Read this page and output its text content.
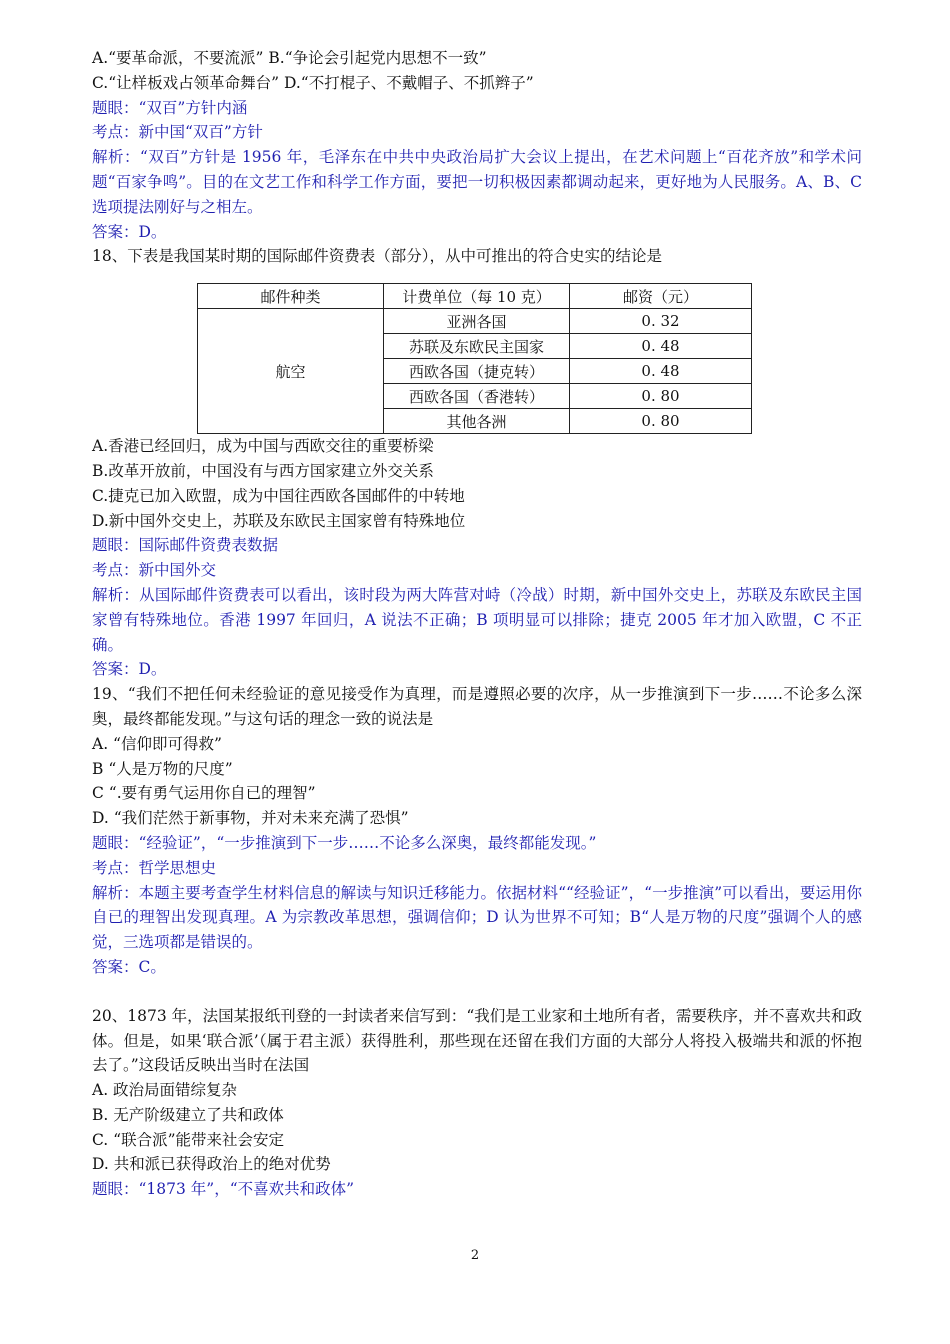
A.“要革命派，不要流派” B.“争论会引起党内思想不一致”
C.“让样板戏占领革命舞台” D.“不打棍子、不戴帽子、不抓辫子”
题眼：“双百”方针内涵
考点：新中国“双百”方针
解析：“双百”方针是 1956 年，毛泽东在中共中央政治局扩大会议上提出，在艺术问题上“百花齐放”和学术问题“百家争鸣”。目的在文艺工作和科学工作方面，要把一切积极因素都调动起来，更好地为人民服务。A、B、C 选项提法刚好与之相左。
答案：D。
18、下表是我国某时期的国际邮件资费表（部分），从中可推出的符合史实的结论是
邮件种类	计费单位（每 10 克）	邮资（元）
航空	亚洲各国	0. 32
	苏联及东欧民主国家	0. 48
	西欧各国（捷克转）	0. 48
	西欧各国（香港转）	0. 80
	其他各洲	0. 80
A.香港已经回归，成为中国与西欧交往的重要桥梁
B.改革开放前，中国没有与西方国家建立外交关系
C.捷克已加入欧盟，成为中国往西欧各国邮件的中转地
D.新中国外交史上，苏联及东欧民主国家曾有特殊地位
题眼：国际邮件资费表数据
考点：新中国外交
解析：从国际邮件资费表可以看出，该时段为两大阵营对峙（冷战）时期，新中国外交史上，苏联及东欧民主国家曾有特殊地位。香港 1997 年回归，A 说法不正确；B 项明显可以排除；捷克 2005 年才加入欧盟，C 不正确。
答案：D。
19、“我们不把任何未经验证的意见接受作为真理，而是遵照必要的次序，从一步推演到下一步……不论多么深奥，最终都能发现。”与这句话的理念一致的说法是
A. “信仰即可得救”
B “人是万物的尺度”
C “.要有勇气运用你自已的理智”
D. “我们茫然于新事物，并对未来充满了恐惧”
题眼：“经验证”，“一步推演到下一步……不论多么深奥，最终都能发现。”
考点：哲学思想史
解析：本题主要考查学生材料信息的解读与知识迁移能力。依据材料““经验证”，“一步推演”可以看出，要运用你自已的理智出发现真理。A 为宗教改革思想，强调信仰；D 认为世界不可知；B“人是万物的尺度”强调个人的感觉，三选项都是错误的。
答案：C。
20、1873 年，法国某报纸刊登的一封读者来信写到：“我们是工业家和土地所有者，需要秩序，并不喜欢共和政体。但是，如果‘联合派’（属于君主派）获得胜利，那些现在还留在我们方面的大部分人将投入极端共和派的怀抱去了。”这段话反映出当时在法国
A. 政治局面错综复杂
B. 无产阶级建立了共和政体
C. “联合派”能带来社会安定
D. 共和派已获得政治上的绝对优势
题眼：“1873 年”，“不喜欢共和政体”
2
